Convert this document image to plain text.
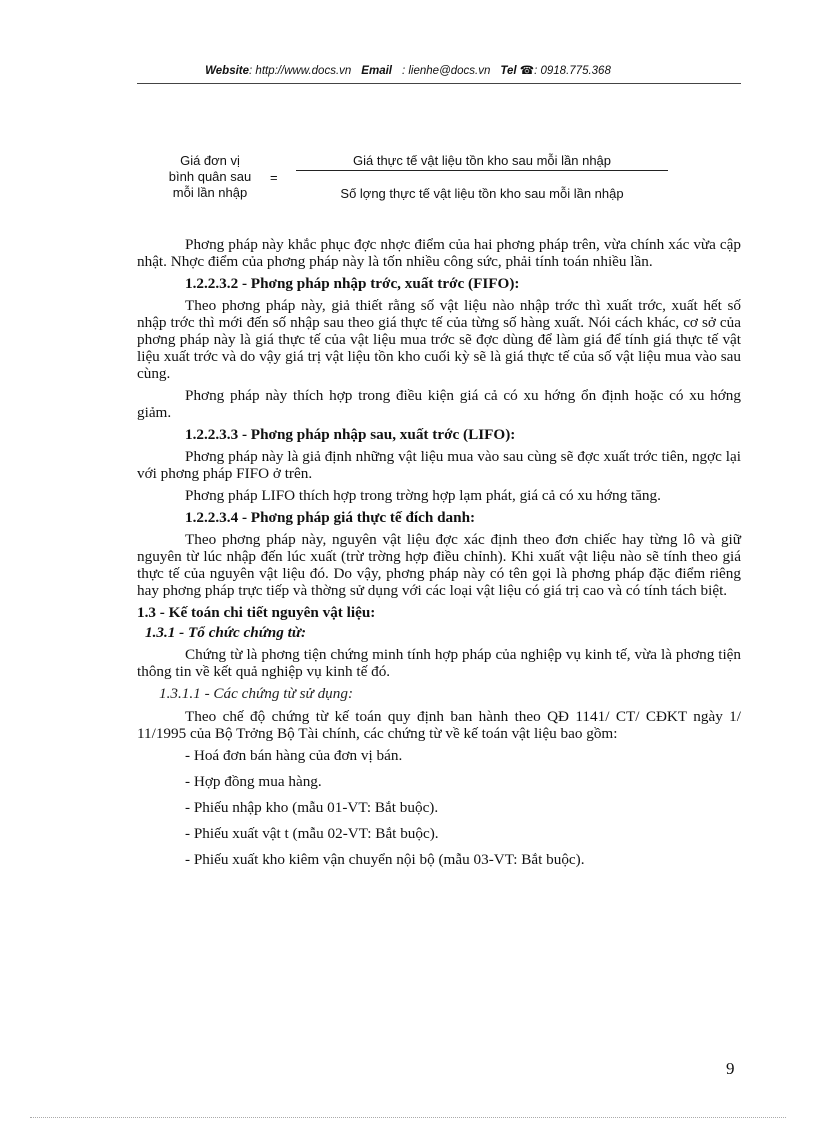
Website: http://www.docs.vn Email : lienhe@docs.vn Tel ☎: 0918.775.368
Giá đơn vị
bình quân sau
mỗi lần nhập
=
Giá thực tế vật liệu tồn kho sau mỗi lần nhập
Số lợng thực tế vật liệu tồn kho sau mỗi lần nhập

Phơng pháp này khắc phục đợc nhợc điểm của hai phơng pháp trên, vừa chính xác vừa cập nhật. Nhợc điểm của phơng pháp này là tốn nhiều công sức, phải tính toán nhiều lần.

1.2.2.3.2 - Phơng pháp nhập trớc, xuất trớc (FIFO):

Theo phơng pháp này, giả thiết rằng số vật liệu nào nhập trớc thì xuất trớc, xuất hết số nhập trớc thì mới đến số nhập sau theo giá thực tế của từng số hàng xuất. Nói cách khác, cơ sở của phơng pháp này là giá thực tế của vật liệu mua trớc sẽ đợc dùng để làm giá để tính giá thực tế vật liệu xuất trớc và do vậy giá trị vật liệu tồn kho cuối kỳ sẽ là giá thực tế của số vật liệu mua vào sau cùng.

Phơng pháp này thích hợp trong điều kiện giá cả có xu hớng ổn định hoặc có xu hớng giảm.

1.2.2.3.3 - Phơng pháp nhập sau, xuất trớc (LIFO):

Phơng pháp này là giả định những vật liệu mua vào sau cùng sẽ đợc xuất trớc tiên, ngợc lại với phơng pháp FIFO ở trên.

Phơng pháp LIFO thích hợp trong trờng hợp lạm phát, giá cả có xu hớng tăng.

1.2.2.3.4 - Phơng pháp giá thực tế đích danh:

Theo phơng pháp này, nguyên vật liệu đợc xác định theo đơn chiếc hay từng lô và giữ nguyên từ lúc nhập đến lúc xuất (trừ trờng hợp điều chỉnh). Khi xuất vật liệu nào sẽ tính theo giá thực tế của nguyên vật liệu đó. Do vậy, phơng pháp này có tên gọi là phơng pháp đặc điểm riêng hay phơng pháp trực tiếp và thờng sử dụng với các loại vật liệu có giá trị cao và có tính tách biệt.

1.3 - Kế toán chi tiết nguyên vật liệu:
1.3.1 - Tổ chức chứng từ:

Chứng từ là phơng tiện chứng minh tính hợp pháp của nghiệp vụ kinh tế, vừa là phơng tiện thông tin về kết quả nghiệp vụ kinh tế đó.

1.3.1.1 - Các chứng từ sử dụng:

Theo chế độ chứng từ kế toán quy định ban hành theo QĐ 1141/ CT/ CĐKT ngày 1/ 11/1995 của Bộ Trởng Bộ Tài chính, các chứng từ về kế toán vật liệu bao gồm:

- Hoá đơn bán hàng của đơn vị bán.
- Hợp đồng mua hàng.
- Phiếu nhập kho (mẫu 01-VT: Bắt buộc).
- Phiếu xuất vật t (mẫu 02-VT: Bắt buộc).
- Phiếu xuất kho kiêm vận chuyển nội bộ (mẫu 03-VT: Bắt buộc).
9
